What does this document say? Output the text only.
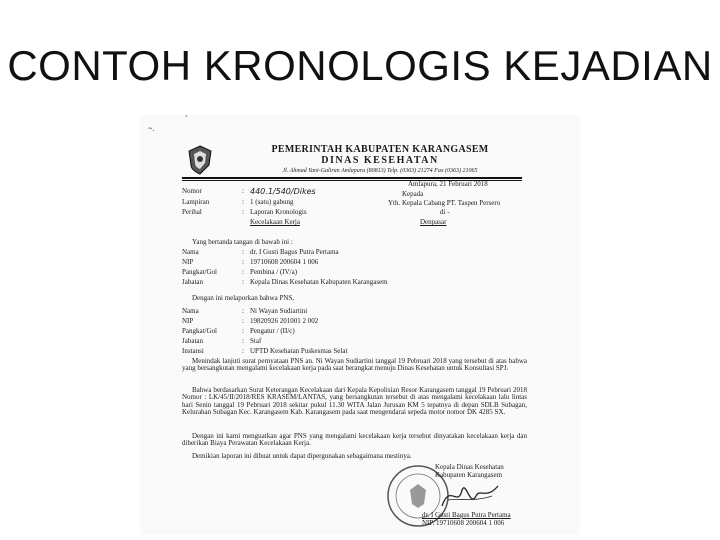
CONTOH KRONOLOGIS KEJADIAN
~.
˜
PEMERINTAH KABUPATEN KARANGASEM
DINAS KESEHATAN
Jl. Ahmad Yani-Galiran Amlapura (80813) Telp. (0363) 21274 Fax (0363) 21065
Amlapura, 21 Februari 2018
Nomor	: 440.1/540/Dikes	Kepada
Lampiran	: 1 (satu) gabung	Yth. Kepala Cabang PT. Taspen Persero
Perihal	: Laporan Kronologis	di -
Kecelakaan Kerja	Denpasar
Yang bertanda tangan di bawah ini :
Nama	: dr. I Gusti Bagus Putra Pertama
NIP	: 19710608 200604 1 006
Pangkat/Gol	: Pembina / (IV/a)
Jabatan	: Kepala Dinas Kesehatan Kabupaten Karangasem
Dengan ini melaporkan bahwa PNS,
Nama	: Ni Wayan Sudiartini
NIP	: 19820926 201001 2 002
Pangkat/Gol	: Pengatur / (II/c)
Jabatan	: Staf
Instansi	: UPTD Kesehatan Puskesmas Selat
Menindak lanjuti surat pernyataan PNS an. Ni Wayan Sudiartini tanggal 19 Pebruari 2018 yang tersebut di atas bahwa yang bersangkutan mengalami kecelakaan kerja pada saat berangkat menuju Dinas Kesehatan untuk Konsultasi SPJ.
Bahwa berdasarkan Surat Keterangan Kecelakaan dari Kepala Kepolisian Resor Karangasem tanggal 19 Pebruari 2018 Nomor : LK/45/II/2018/RES KRASEM/LANTAS, yang bersangkutan tersebut di atas mengalami kecelakaan lalu lintas hari Senin tanggal 19 Pebruari 2018 sekitar pukul 11.30 WITA Jalan Jurusan KM 5 tepatnya di depan SDLB Subagan, Kelurahan Subagan Kec. Karangasem Kab. Karangasem pada saat mengendarai sepeda motor nomor DK 4285 SX.
Dengan ini kami menguatkan agar PNS yang mengalami kecelakaan kerja tersebut dinyatakan kecelakaan kerja dan diberikan Biaya Perawatan Kecelakaan Kerja.
Demikian laporan ini dibuat untuk dapat dipergunakan sebagaimana mestinya.
Kepala Dinas Kesehatan
Kabupaten Karangasem
dr. I Gusti Bagus Putra Pertama
NIP. 19710608 200604 1 006
